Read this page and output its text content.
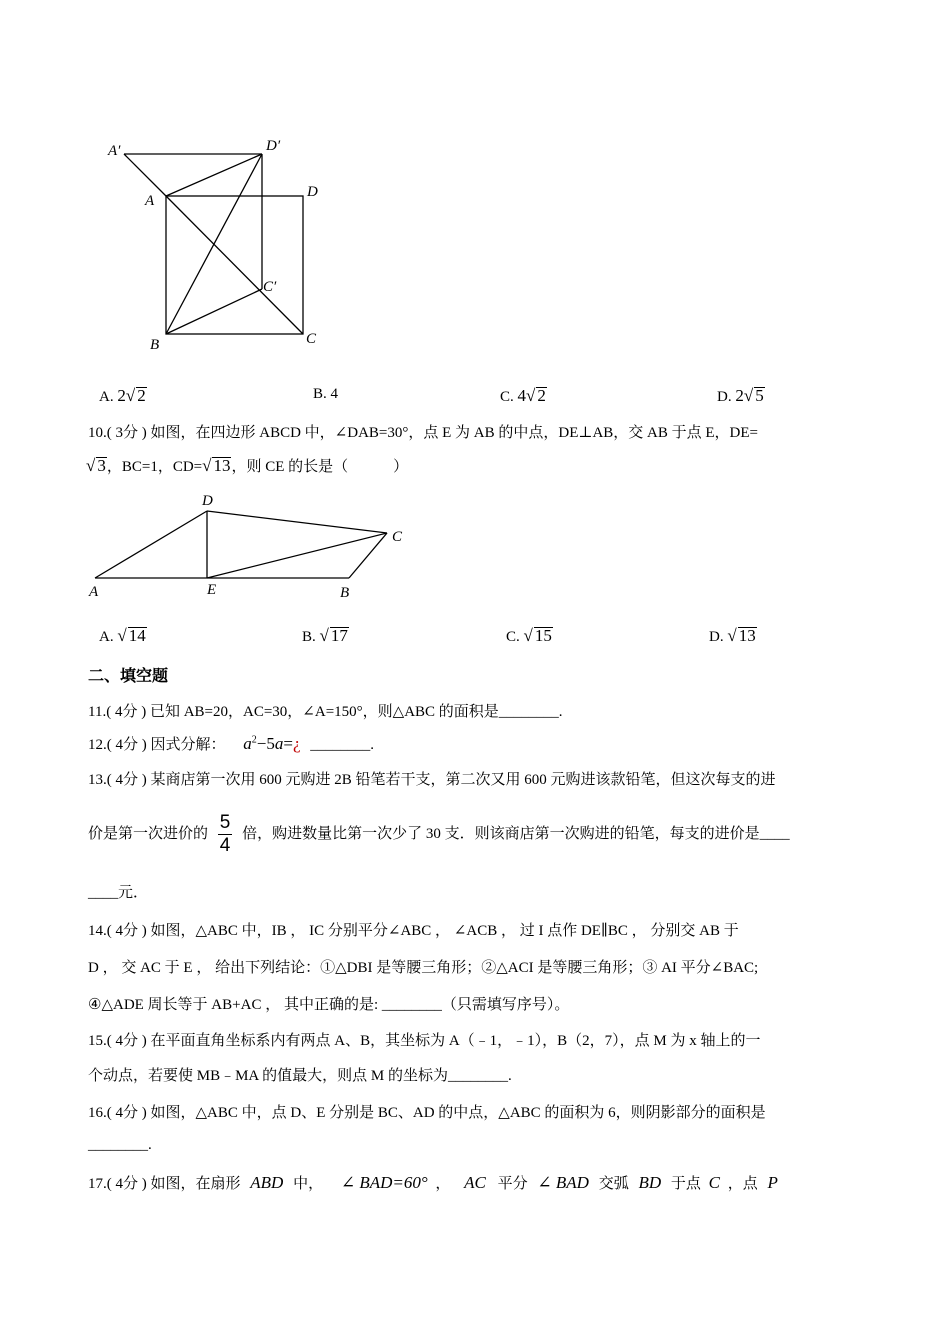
A′	D′
A
D
C′
B	C
A. 2√ 2	B. 4	C. 4√ 2	D. 2√ 5
10.( 3分 ) 如图，在四边形 ABCD 中，∠DAB=30°，点 E 为 AB 的中点，DE⊥AB，交 AB 于点 E，DE=
√ 3，BC=1，CD=√ 13，则 CE 的长是（　　　）
D
C
A	E	B
A. √ 14	B. √ 17	C. √ 15	D. √ 13
二、填空题
11.( 4分 ) 已知 AB=20，AC=30，∠A=150°，则△ABC 的面积是________.
12.( 4分 ) 因式分解： $a^2-5a=¿$ ________.
13.( 4分 ) 某商店第一次用 600 元购进 2B 铅笔若干支，第二次又用 600 元购进该款铅笔，但这次每支的进
价是第一次进价的 $\frac{5}{4}$ 倍，购进数量比第一次少了 30 支．则该商店第一次购进的铅笔，每支的进价是____
____元．
14.( 4分 ) 如图，△ABC 中，IB ， IC 分别平分∠ABC ， ∠ACB ， 过 I 点作 DE∥BC ， 分别交 AB 于
D ， 交 AC 于 E ， 给出下列结论：①△DBI 是等腰三角形；②△ACI 是等腰三角形；③ AI 平分∠BAC;
④△ADE 周长等于 AB+AC ， 其中正确的是: ________（只需填写序号）。
15.( 4分 ) 在平面直角坐标系内有两点 A、B，其坐标为 A（﹣1，﹣1），B（2，7），点 M 为 x 轴上的一
个动点，若要使 MB﹣MA 的值最大，则点 M 的坐标为________.
16.( 4分 ) 如图，△ABC 中，点 D、E 分别是 BC、AD 的中点，△ABC 的面积为 6，则阴影部分的面积是
________.
17.( 4分 ) 如图，在扇形 ABD 中， ∠ BAD=60° ， AC 平分 ∠ BAD 交弧 BD 于点 C ，点 P
